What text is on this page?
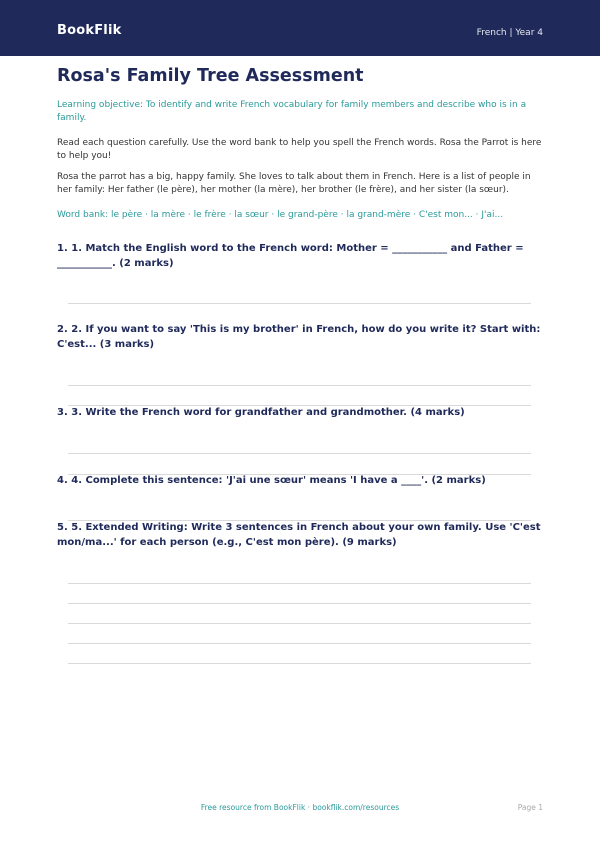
BookFlik	French | Year 4
Rosa's Family Tree Assessment
Learning objective: To identify and write French vocabulary for family members and describe who is in a family.
Read each question carefully. Use the word bank to help you spell the French words. Rosa the Parrot is here to help you!
Rosa the parrot has a big, happy family. She loves to talk about them in French. Here is a list of people in her family: Her father (le père), her mother (la mère), her brother (le frère), and her sister (la sœur).
Word bank: le père · la mère · le frère · la sœur · le grand-père · la grand-mère · C'est mon... · J'ai...
1. 1. Match the English word to the French word: Mother = ___________ and Father = ___________. (2 marks)
2. 2. If you want to say 'This is my brother' in French, how do you write it? Start with: C'est... (3 marks)
3. 3. Write the French word for grandfather and grandmother. (4 marks)
4. 4. Complete this sentence: 'J'ai une sœur' means 'I have a ____'. (2 marks)
5. 5. Extended Writing: Write 3 sentences in French about your own family. Use 'C'est mon/ma...' for each person (e.g., C'est mon père). (9 marks)
Free resource from BookFlik · bookflik.com/resources	Page 1
